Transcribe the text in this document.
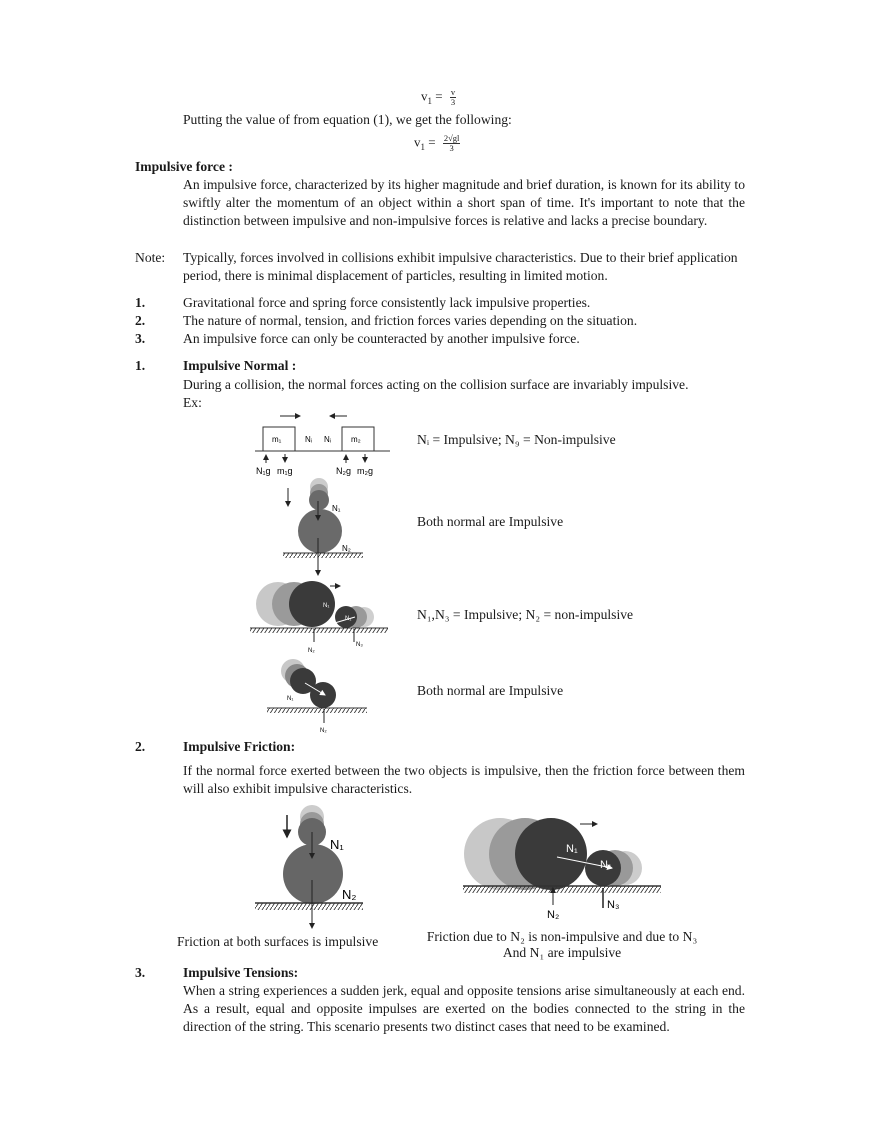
$v_1 = \frac{v}{3}$
Putting the value of from equation (1), we get the following:
$v_1 = \frac{2√gl}{3}$
Impulsive force :
An impulsive force, characterized by its higher magnitude and brief duration, is known for its ability to swiftly alter the momentum of an object within a short span of time. It's important to note that the distinction between impulsive and non-impulsive forces is relative and lacks a precise boundary.
Note: Typically, forces involved in collisions exhibit impulsive characteristics. Due to their brief application period, there is minimal displacement of particles, resulting in limited motion.
1.	Gravitational force and spring force consistently lack impulsive properties.
2.	The nature of normal, tension, and friction forces varies depending on the situation.
3.	An impulsive force can only be counteracted by another impulsive force.
1.	Impulsive Normal :
During a collision, the normal forces acting on the collision surface are invariably impulsive.
Ex:
m₁	m₂
Nᵢ Nᵢ
N₁g m₁g	N₂g m₂g
Nᵢ = Impulsive; N₉ = Non-impulsive
N₁
N₂
Both normal are Impulsive
N₁
N₁
N₂
N₃
N₁,N₃ = Impulsive; N₂ = non-impulsive
N₁
N₂
Both normal are Impulsive
2.	Impulsive Friction:
If the normal force exerted between the two objects is impulsive, then the friction force between them will also exhibit impulsive characteristics.
N₁
N₂
Friction at both surfaces is impulsive
N₁
N₁
N₂
N₃
Friction due to N₂ is non-impulsive and due to N₃
And N₁ are impulsive
3.	Impulsive Tensions:
When a string experiences a sudden jerk, equal and opposite tensions arise simultaneously at each end. As a result, equal and opposite impulses are exerted on the bodies connected to the string in the direction of the string. This scenario presents two distinct cases that need to be examined.
